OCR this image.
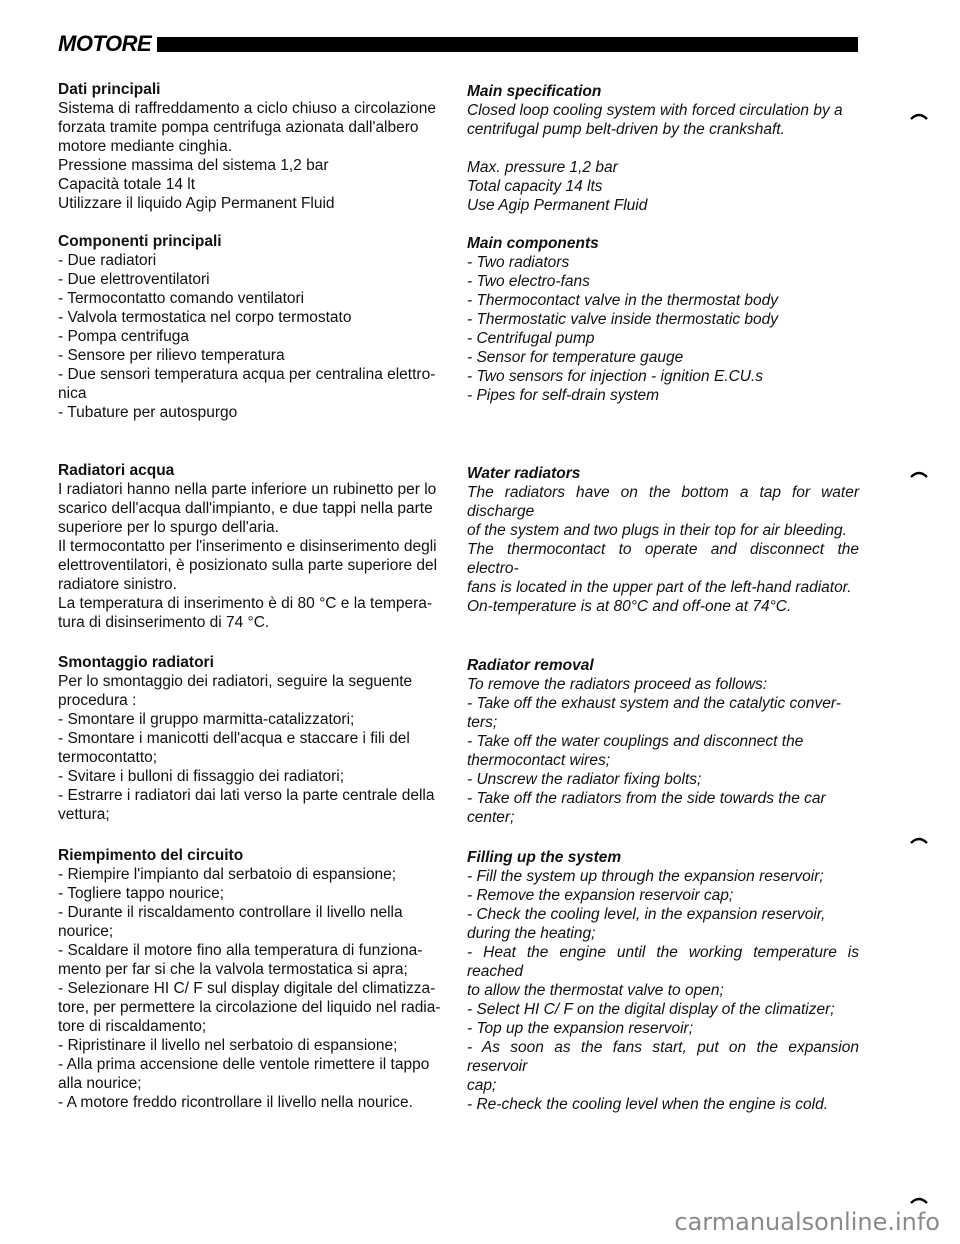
MOTORE

Dati principali

Sistema di raffreddamento a ciclo chiuso a circolazione
forzata tramite pompa centrifuga azionata dall'albero
motore mediante cinghia.
Pressione massima del sistema 1,2 bar
Capacità totale 14 lt
Utilizzare il liquido Agip Permanent Fluid

Componenti principali

- Due radiatori
- Due elettroventilatori
- Termocontatto comando ventilatori
- Valvola termostatica nel corpo termostato
- Pompa centrifuga
- Sensore per rilievo temperatura
- Due sensori temperatura acqua per centralina elettro-
nica
- Tubature per autospurgo

Radiatori acqua

I radiatori hanno nella parte inferiore un rubinetto per lo
scarico dell'acqua dall'impianto, e due tappi nella parte
superiore per lo spurgo dell'aria.
Il termocontatto per l'inserimento e disinserimento degli
elettroventilatori, è posizionato sulla parte superiore del
radiatore sinistro.
La temperatura di inserimento è di 80 °C e la tempera-
tura di disinserimento di 74 °C.

Smontaggio radiatori

Per lo smontaggio dei radiatori, seguire la seguente
procedura :
- Smontare il gruppo marmitta-catalizzatori;
- Smontare i manicotti dell'acqua e staccare i fili del
termocontatto;
- Svitare i bulloni di fissaggio dei radiatori;
- Estrarre i radiatori dai lati verso la parte centrale della
vettura;

Riempimento del circuito

- Riempire l'impianto dal serbatoio di espansione;
- Togliere tappo nourice;
- Durante il riscaldamento controllare il livello nella
nourice;
- Scaldare il motore fino alla temperatura di funziona-
mento per far si che la valvola termostatica si apra;
- Selezionare HI C/ F sul display digitale del climatizza-
tore, per permettere la circolazione del liquido nel radia-
tore di riscaldamento;
- Ripristinare il livello nel serbatoio di espansione;
- Alla prima accensione delle ventole rimettere il tappo
alla nourice;
- A motore freddo ricontrollare il livello nella nourice.

Main specification

Closed loop cooling system with forced circulation by a
centrifugal pump belt-driven by the crankshaft.
Max. pressure 1,2 bar
Total capacity 14 lts
Use Agip Permanent Fluid

Main components

- Two radiators
- Two electro-fans
- Thermocontact valve in the thermostat body
- Thermostatic valve inside thermostatic body
- Centrifugal pump
- Sensor for temperature gauge
- Two sensors for injection - ignition E.CU.s
- Pipes for self-drain system

Water radiators

The radiators have on the bottom a tap for water discharge
of the system and two plugs in their top for air bleeding.
The thermocontact to operate and disconnect the electro-
fans is located in the upper part of the left-hand radiator.
On-temperature is at 80°C and off-one at 74°C.

Radiator removal

To remove the radiators proceed as follows:
- Take off the exhaust system and the catalytic conver-
ters;
- Take off the water couplings and disconnect the
thermocontact wires;
- Unscrew the radiator fixing bolts;
- Take off the radiators from the side towards the car
center;

Filling up the system

- Fill the system up through the expansion reservoir;
- Remove the expansion reservoir cap;
- Check the cooling level, in the expansion reservoir,
during the heating;
- Heat the engine until the working temperature is reached
to allow the thermostat valve to open;
- Select HI C/ F on the digital display of the climatizer;
- Top up the expansion reservoir;
- As soon as the fans start, put on the expansion reservoir
cap;
- Re-check the cooling level when the engine is cold.
carmanualsonline.info
